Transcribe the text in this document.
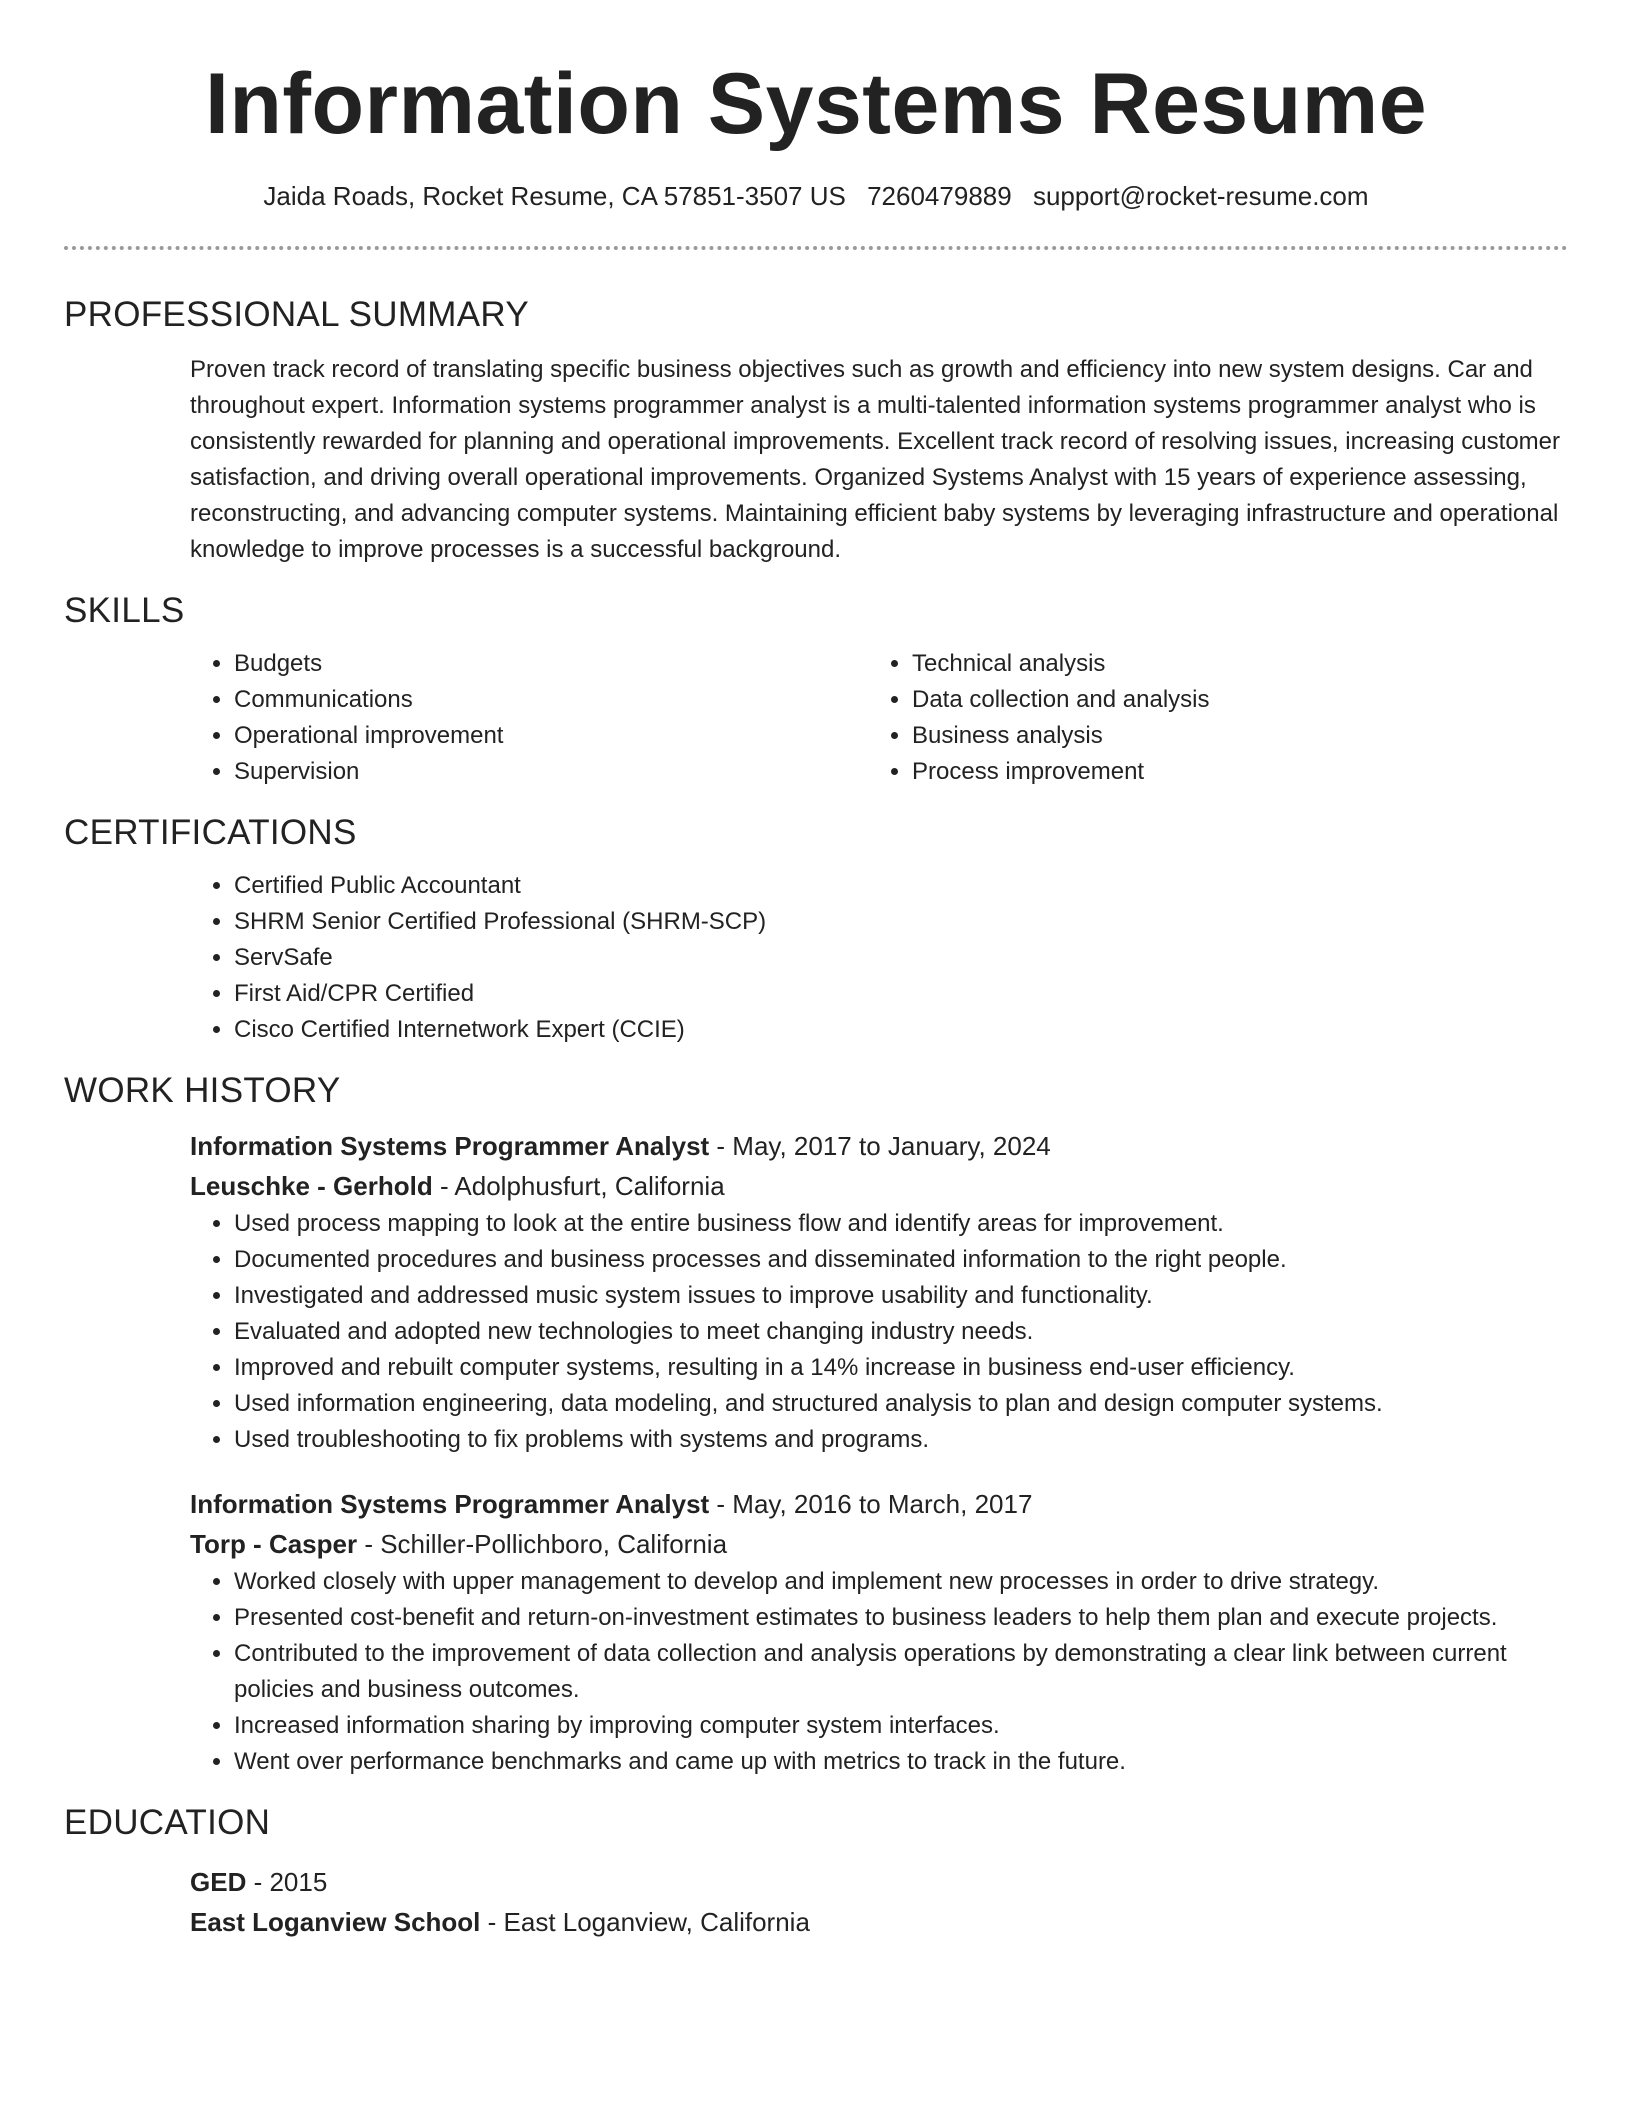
Information Systems Resume
Jaida Roads, Rocket Resume, CA 57851-3507 US 7260479889 support@rocket-resume.com
PROFESSIONAL SUMMARY

Proven track record of translating specific business objectives such as growth and efficiency into new system designs. Car and throughout expert. Information systems programmer analyst is a multi-talented information systems programmer analyst who is consistently rewarded for planning and operational improvements. Excellent track record of resolving issues, increasing customer satisfaction, and driving overall operational improvements. Organized Systems Analyst with 15 years of experience assessing, reconstructing, and advancing computer systems. Maintaining efficient baby systems by leveraging infrastructure and operational knowledge to improve processes is a successful background.

SKILLS
• Budgets
• Communications
• Operational improvement
• Supervision
• Technical analysis
• Data collection and analysis
• Business analysis
• Process improvement
CERTIFICATIONS
• Certified Public Accountant
• SHRM Senior Certified Professional (SHRM-SCP)
• ServSafe
• First Aid/CPR Certified
• Cisco Certified Internetwork Expert (CCIE)
WORK HISTORY
Information Systems Programmer Analyst - May, 2017 to January, 2024
Leuschke - Gerhold - Adolphusfurt, California
• Used process mapping to look at the entire business flow and identify areas for improvement.
• Documented procedures and business processes and disseminated information to the right people.
• Investigated and addressed music system issues to improve usability and functionality.
• Evaluated and adopted new technologies to meet changing industry needs.
• Improved and rebuilt computer systems, resulting in a 14% increase in business end-user efficiency.
• Used information engineering, data modeling, and structured analysis to plan and design computer systems.
• Used troubleshooting to fix problems with systems and programs.
Information Systems Programmer Analyst - May, 2016 to March, 2017
Torp - Casper - Schiller-Pollichboro, California
• Worked closely with upper management to develop and implement new processes in order to drive strategy.
• Presented cost-benefit and return-on-investment estimates to business leaders to help them plan and execute projects.
• Contributed to the improvement of data collection and analysis operations by demonstrating a clear link between current policies and business outcomes.
• Increased information sharing by improving computer system interfaces.
• Went over performance benchmarks and came up with metrics to track in the future.
EDUCATION
GED - 2015
East Loganview School - East Loganview, California
